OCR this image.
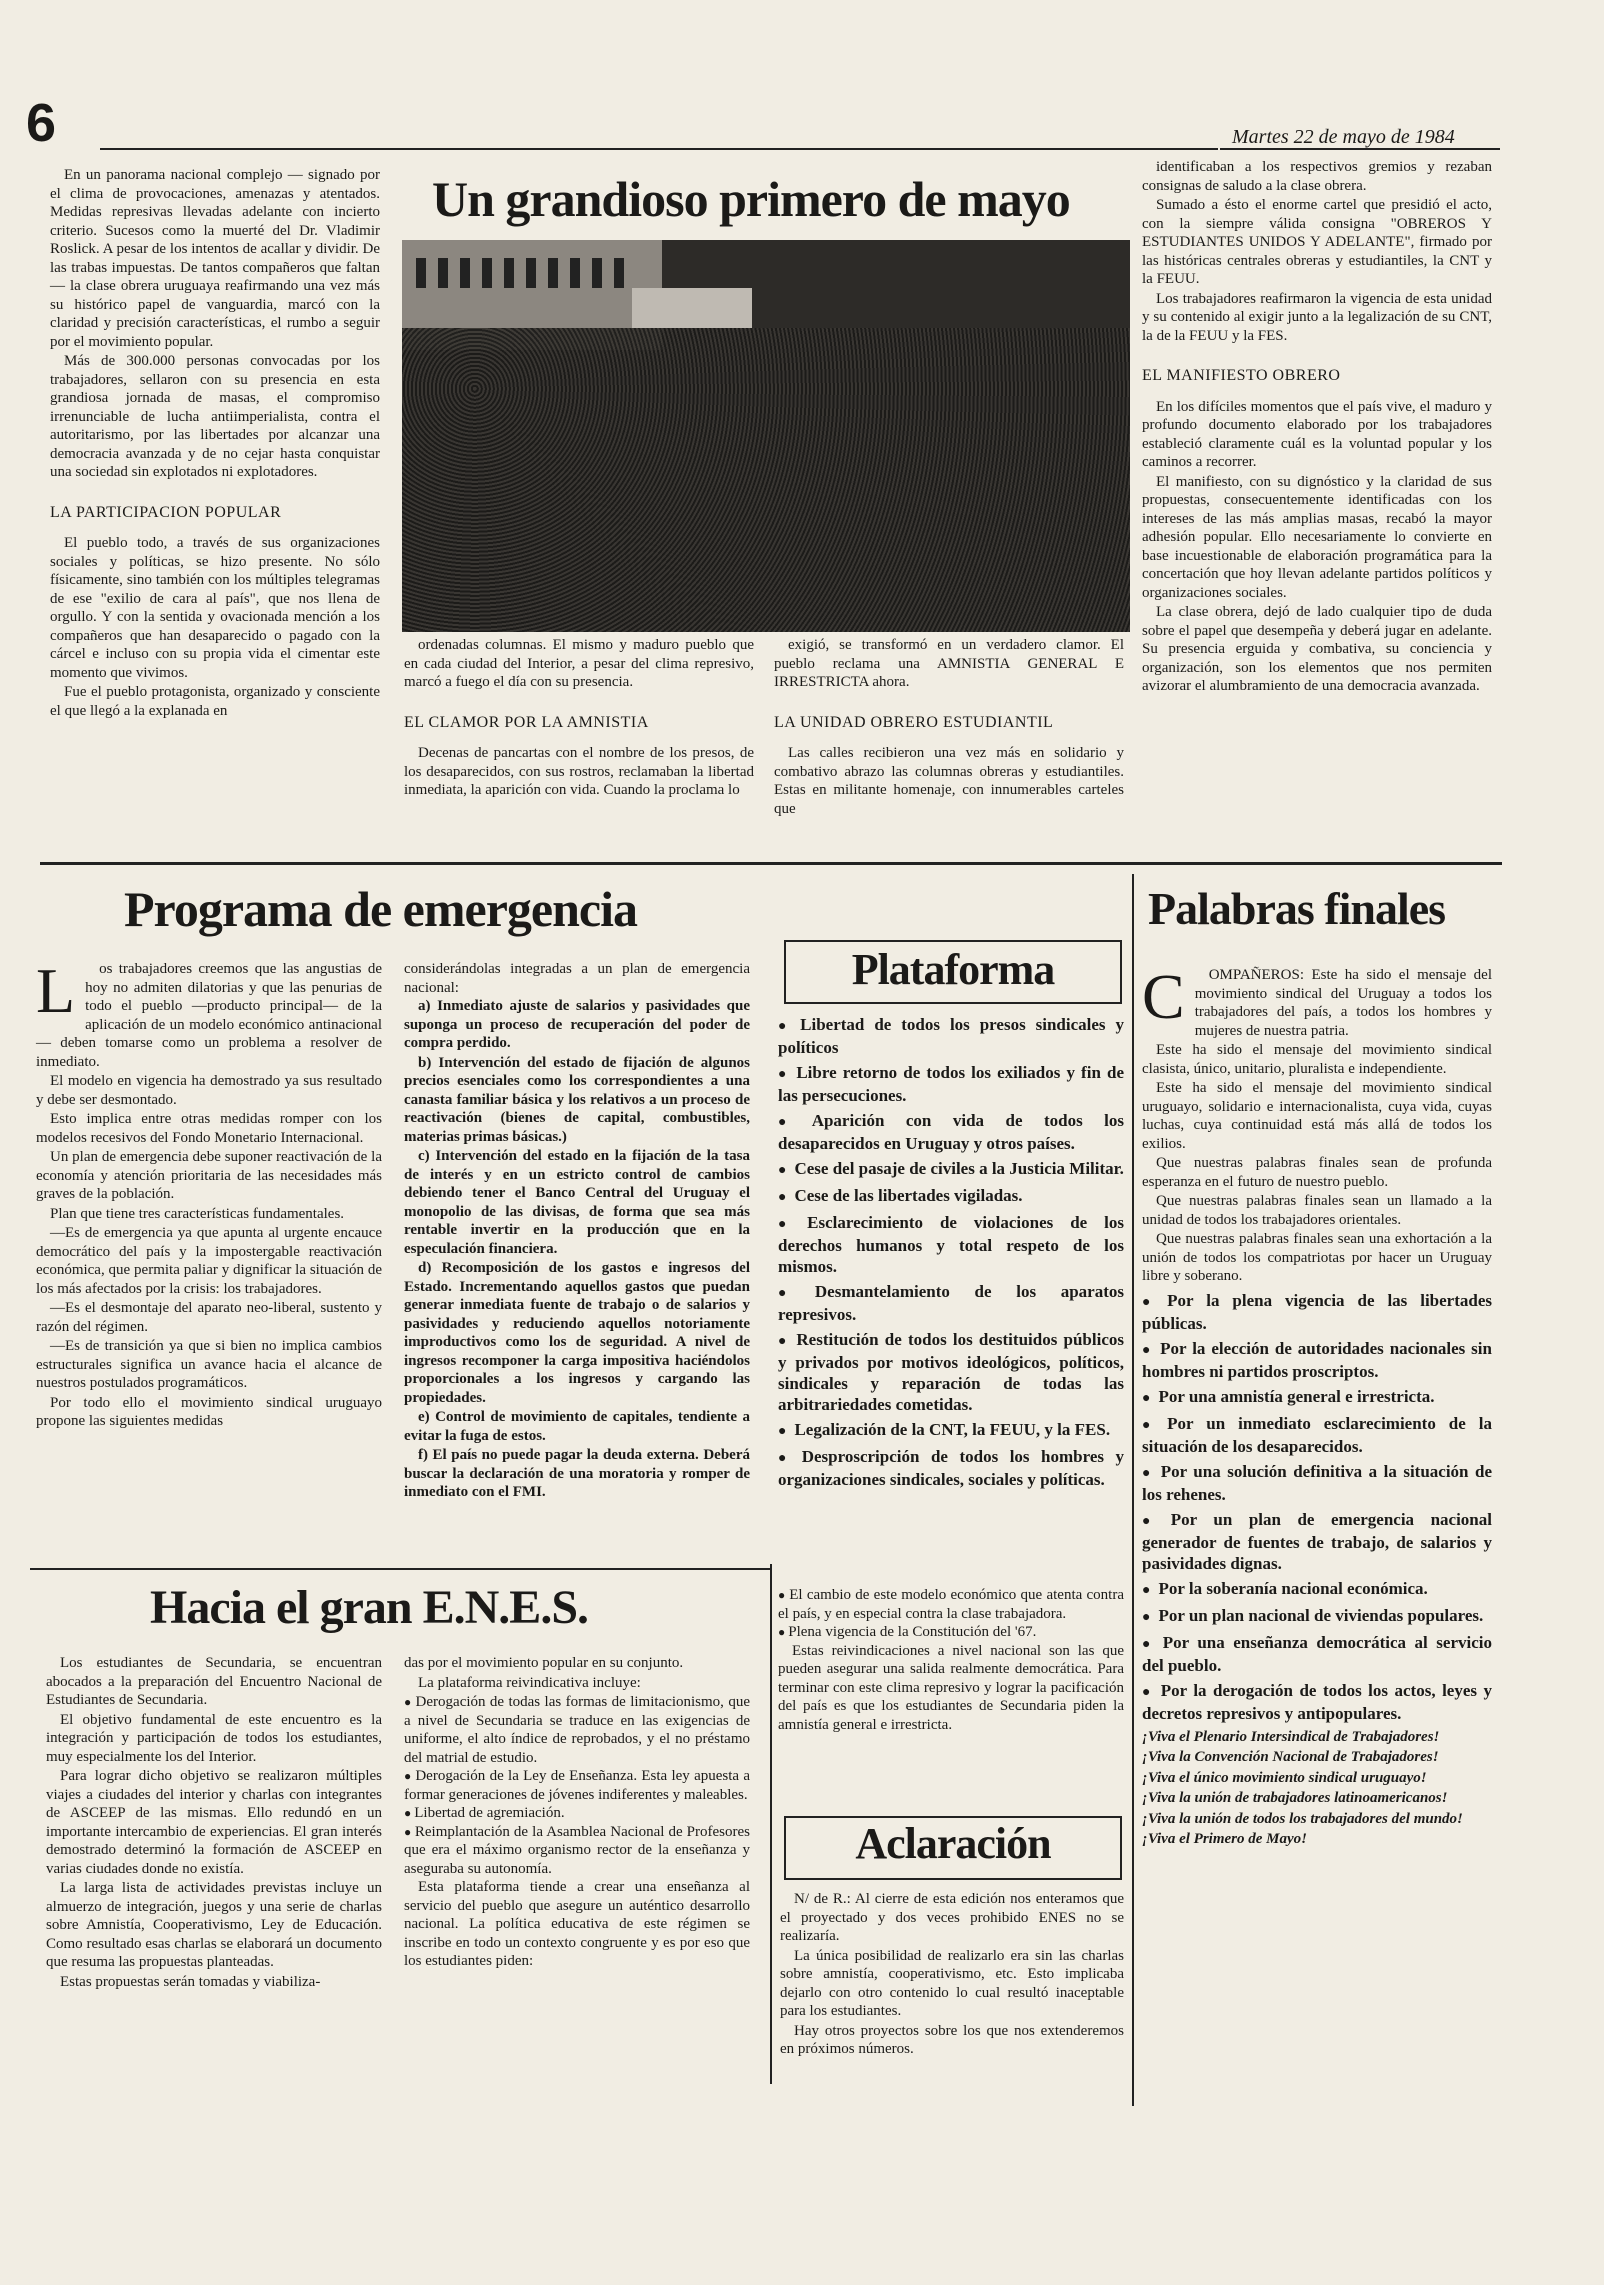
6	Martes 22 de mayo de 1984
Un grandioso primero de mayo

En un panorama nacional complejo — signado por el clima de provocaciones, amenazas y atentados. Medidas represivas llevadas adelante con incierto criterio. Sucesos como la muerté del Dr. Vladimir Roslick. A pesar de los intentos de acallar y dividir. De las trabas impuestas. De tantos compañeros que faltan— la clase obrera uruguaya reafirmando una vez más su histórico papel de vanguardia, marcó con la claridad y precisión características, el rumbo a seguir por el movimiento popular.

Más de 300.000 personas convocadas por los trabajadores, sellaron con su presencia en esta grandiosa jornada de masas, el compromiso irrenunciable de lucha antiimperialista, contra el autoritarismo, por las libertades por alcanzar una democracia avanzada y de no cejar hasta conquistar una sociedad sin explotados ni explotadores.

LA PARTICIPACION POPULAR

El pueblo todo, a través de sus organizaciones sociales y políticas, se hizo presente. No sólo físicamente, sino también con los múltiples telegramas de ese "exilio de cara al país", que nos llena de orgullo. Y con la sentida y ovacionada mención a los compañeros que han desaparecido o pagado con la cárcel e incluso con su propia vida el cimentar este momento que vivimos.

Fue el pueblo protagonista, organizado y consciente el que llegó a la explanada en

ordenadas columnas. El mismo y maduro pueblo que en cada ciudad del Interior, a pesar del clima represivo, marcó a fuego el día con su presencia.

EL CLAMOR POR LA AMNISTIA

Decenas de pancartas con el nombre de los presos, de los desaparecidos, con sus rostros, reclamaban la libertad inmediata, la aparición con vida. Cuando la proclama lo

exigió, se transformó en un verdadero clamor. El pueblo reclama una AMNISTIA GENERAL E IRRESTRICTA ahora.

LA UNIDAD OBRERO ESTUDIANTIL

Las calles recibieron una vez más en solidario y combativo abrazo las columnas obreras y estudiantiles. Estas en militante homenaje, con innumerables carteles que

identificaban a los respectivos gremios y rezaban consignas de saludo a la clase obrera.

Sumado a ésto el enorme cartel que presidió el acto, con la siempre válida consigna "OBREROS Y ESTUDIANTES UNIDOS Y ADELANTE", firmado por las históricas centrales obreras y estudiantiles, la CNT y la FEUU.

Los trabajadores reafirmaron la vigencia de esta unidad y su contenido al exigir junto a la legalización de su CNT, la de la FEUU y la FES.

EL MANIFIESTO OBRERO

En los difíciles momentos que el país vive, el maduro y profundo documento elaborado por los trabajadores estableció claramente cuál es la voluntad popular y los caminos a recorrer.

El manifiesto, con su dignóstico y la claridad de sus propuestas, consecuentemente identificadas con los intereses de las más amplias masas, recabó la mayor adhesión popular. Ello necesariamente lo convierte en base incuestionable de elaboración programática para la concertación que hoy llevan adelante partidos políticos y organizaciones sociales.

La clase obrera, dejó de lado cualquier tipo de duda sobre el papel que desempeña y deberá jugar en adelante. Su presencia erguida y combativa, su conciencia y organización, son los elementos que nos permiten avizorar el alumbramiento de una democracia avanzada.

Programa de emergencia
L	os trabajadores creemos que las angustias de hoy no admiten dilatorias y que las penurias de todo el pueblo —producto principal— de la aplicación de un modelo económico antinacional— deben tomarse como un problema a resolver de inmediato.

El modelo en vigencia ha demostrado ya sus resultado y debe ser desmontado.

Esto implica entre otras medidas romper con los modelos recesivos del Fondo Monetario Internacional.

Un plan de emergencia debe suponer reactivación de la economía y atención prioritaria de las necesidades más graves de la población.

Plan que tiene tres características fundamentales.

—Es de emergencia ya que apunta al urgente encauce democrático del país y la impostergable reactivación económica, que permita paliar y dignificar la situación de los más afectados por la crisis: los trabajadores.

—Es el desmontaje del aparato neo-liberal, sustento y razón del régimen.

—Es de transición ya que si bien no implica cambios estructurales significa un avance hacia el alcance de nuestros postulados programáticos.

Por todo ello el movimiento sindical uruguayo propone las siguientes medidas

considerándolas integradas a un plan de emergencia nacional:

a) Inmediato ajuste de salarios y pasividades que suponga un proceso de recuperación del poder de compra perdido.

b) Intervención del estado de fijación de algunos precios esenciales como los correspondientes a una canasta familiar básica y los relativos a un proceso de reactivación (bienes de capital, combustibles, materias primas básicas.)

c) Intervención del estado en la fijación de la tasa de interés y en un estricto control de cambios debiendo tener el Banco Central del Uruguay el monopolio de las divisas, de forma que sea más rentable invertir en la producción que en la especulación financiera.

d) Recomposición de los gastos e ingresos del Estado. Incrementando aquellos gastos que puedan generar inmediata fuente de trabajo o de salarios y pasividades y reduciendo aquellos notoriamente improductivos como los de seguridad. A nivel de ingresos recomponer la carga impositiva haciéndolos proporcionales a los ingresos y cargando las propiedades.

e) Control de movimiento de capitales, tendiente a evitar la fuga de estos.

f) El país no puede pagar la deuda externa. Deberá buscar la declaración de una moratoria y romper de inmediato con el FMI.

Plataforma
● Libertad de todos los presos sindicales y políticos
● Libre retorno de todos los exiliados y fin de las persecuciones.
● Aparición con vida de todos los desaparecidos en Uruguay y otros países.
● Cese del pasaje de civiles a la Justicia Militar.
● Cese de las libertades vigiladas.
● Esclarecimiento de violaciones de los derechos humanos y total respeto de los mismos.
● Desmantelamiento de los aparatos represivos.
● Restitución de todos los destituidos públicos y privados por motivos ideológicos, políticos, sindicales y reparación de todas las arbitrariedades cometidas.
● Legalización de la CNT, la FEUU, y la FES.
● Desproscripción de todos los hombres y organizaciones sindicales, sociales y políticas.
Palabras finales
C	OMPAÑEROS: Este ha sido el mensaje del movimiento sindical del Uruguay a todos los trabajadores del país, a todos los hombres y mujeres de nuestra patria.

Este ha sido el mensaje del movimiento sindical clasista, único, unitario, pluralista e independiente.

Este ha sido el mensaje del movimiento sindical uruguayo, solidario e internacionalista, cuya vida, cuyas luchas, cuya continuidad está más allá de todos los exilios.

Que nuestras palabras finales sean de profunda esperanza en el futuro de nuestro pueblo.

Que nuestras palabras finales sean un llamado a la unidad de todos los trabajadores orientales.

Que nuestras palabras finales sean una exhortación a la unión de todos los compatriotas por hacer un Uruguay libre y soberano.

● Por la plena vigencia de las libertades públicas.
● Por la elección de autoridades nacionales sin hombres ni partidos proscriptos.
● Por una amnistía general e irrestricta.
● Por un inmediato esclarecimiento de la situación de los desaparecidos.
● Por una solución definitiva a la situación de los rehenes.
● Por un plan de emergencia nacional generador de fuentes de trabajo, de salarios y pasividades dignas.
● Por la soberanía nacional económica.
● Por un plan nacional de viviendas populares.
● Por una enseñanza democrática al servicio del pueblo.
● Por la derogación de todos los actos, leyes y decretos represivos y antipopulares.

¡Viva el Plenario Intersindical de Trabajadores!

¡Viva la Convención Nacional de Trabajadores!

¡Viva el único movimiento sindical uruguayo!

¡Viva la unión de trabajadores latinoamericanos!

¡Viva la unión de todos los trabajadores del mundo!

¡Viva el Primero de Mayo!

Hacia el gran E.N.E.S.

Los estudiantes de Secundaria, se encuentran abocados a la preparación del Encuentro Nacional de Estudiantes de Secundaria.

El objetivo fundamental de este encuentro es la integración y participación de todos los estudiantes, muy especialmente los del Interior.

Para lograr dicho objetivo se realizaron múltiples viajes a ciudades del interior y charlas con integrantes de ASCEEP de las mismas. Ello redundó en un importante intercambio de experiencias. El gran interés demostrado determinó la formación de ASCEEP en varias ciudades donde no existía.

La larga lista de actividades previstas incluye un almuerzo de integración, juegos y una serie de charlas sobre Amnistía, Cooperativismo, Ley de Educación. Como resultado esas charlas se elaborará un documento que resuma las propuestas planteadas.

Estas propuestas serán tomadas y viabiliza-

das por el movimiento popular en su conjunto.

La plataforma reivindicativa incluye:

● Derogación de todas las formas de limitacionismo, que a nivel de Secundaria se traduce en las exigencias de uniforme, el alto índice de reprobados, y el no préstamo del matrial de estudio.
● Derogación de la Ley de Enseñanza. Esta ley apuesta a formar generaciones de jóvenes indiferentes y maleables.
● Libertad de agremiación.
● Reimplantación de la Asamblea Nacional de Profesores que era el máximo organismo rector de la enseñanza y aseguraba su autonomía.

Esta plataforma tiende a crear una enseñanza al servicio del pueblo que asegure un auténtico desarrollo nacional. La política educativa de este régimen se inscribe en todo un contexto congruente y es por eso que los estudiantes piden:

● El cambio de este modelo económico que atenta contra el país, y en especial contra la clase trabajadora.
● Plena vigencia de la Constitución del '67.

Estas reivindicaciones a nivel nacional son las que pueden asegurar una salida realmente democrática. Para terminar con este clima represivo y lograr la pacificación del país es que los estudiantes de Secundaria piden la amnistía general e irrestricta.

Aclaración

N/ de R.: Al cierre de esta edición nos enteramos que el proyectado y dos veces prohibido ENES no se realizaría.

La única posibilidad de realizarlo era sin las charlas sobre amnistía, cooperativismo, etc. Esto implicaba dejarlo con otro contenido lo cual resultó inaceptable para los estudiantes.

Hay otros proyectos sobre los que nos extenderemos en próximos números.
